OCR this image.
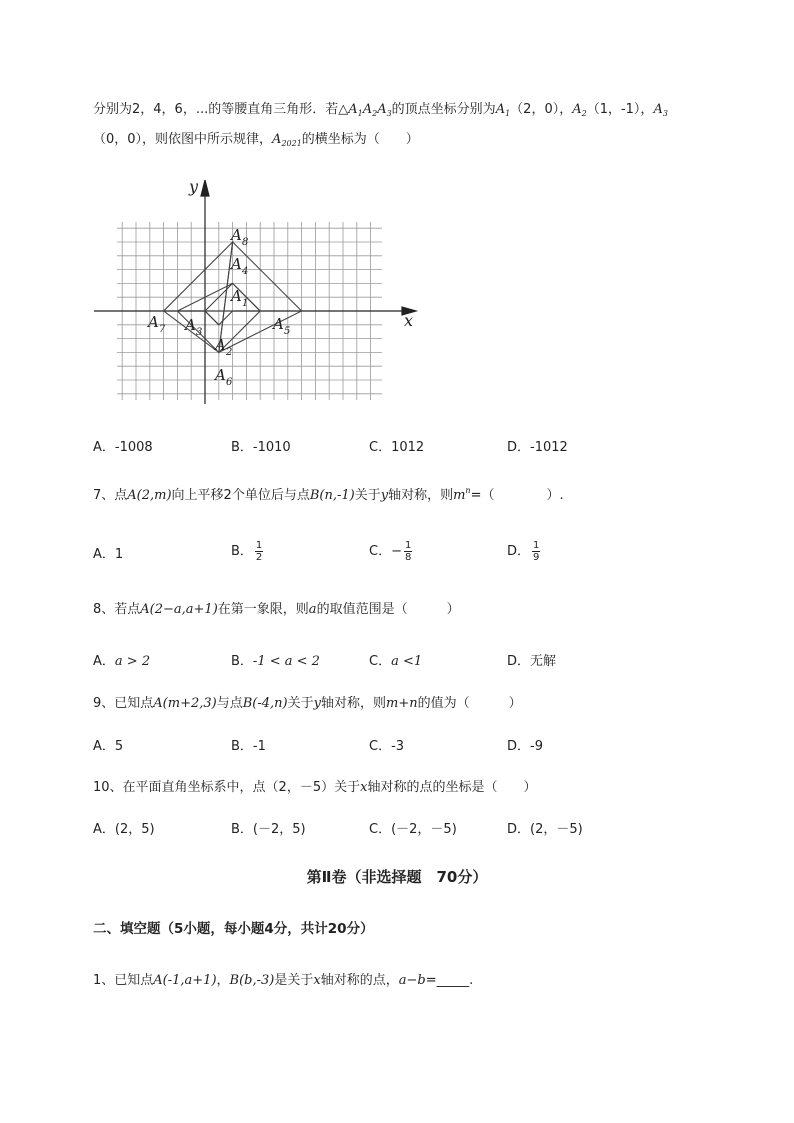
分别为2，4，6，...的等腰直角三角形．若$\triangle A_1A_2A_3$的顶点坐标分别为$A_1(2$，0），$A_2(1$，-1），$A_3$
（0，0），则依图中所示规律，$A_{2021}$的横坐标为（　　）
x
y
A 8
A 4
A 1
A 7 A 3	A 5
A 2
A 6
A．-1008	B．-1010	C．1012	D．-1012
7、点A(2,m)向上平移2个单位后与点B(n,-1)关于y轴对称，则$m^n=$（　　　　）.
A．1	B． $\frac{1}{2}$	C．− $\frac{1}{8}$	D． $\frac{1}{9}$
8、若点A(2−a,a+1)在第一象限，则a的取值范围是（　　　）
A．a > 2	B．-1 < a < 2	C．a <1	D．无解
9、已知点A(m+2,3)与点B(-4,n)关于y轴对称，则m+n的值为（　　　）
A．5	B．-1	C．-3	D．-9
10、在平面直角坐标系中，点（2，－5）关于x轴对称的点的坐标是（　　）
A．(2，5)	B．(－2，5)	C．(－2，－5)	D．(2，－5)
第Ⅱ卷（非选择题　70分）
二、填空题（5小题，每小题4分，共计20分）
1、已知点A(-1,a+1)，B(b,-3)是关于x轴对称的点，a−b=_____.
